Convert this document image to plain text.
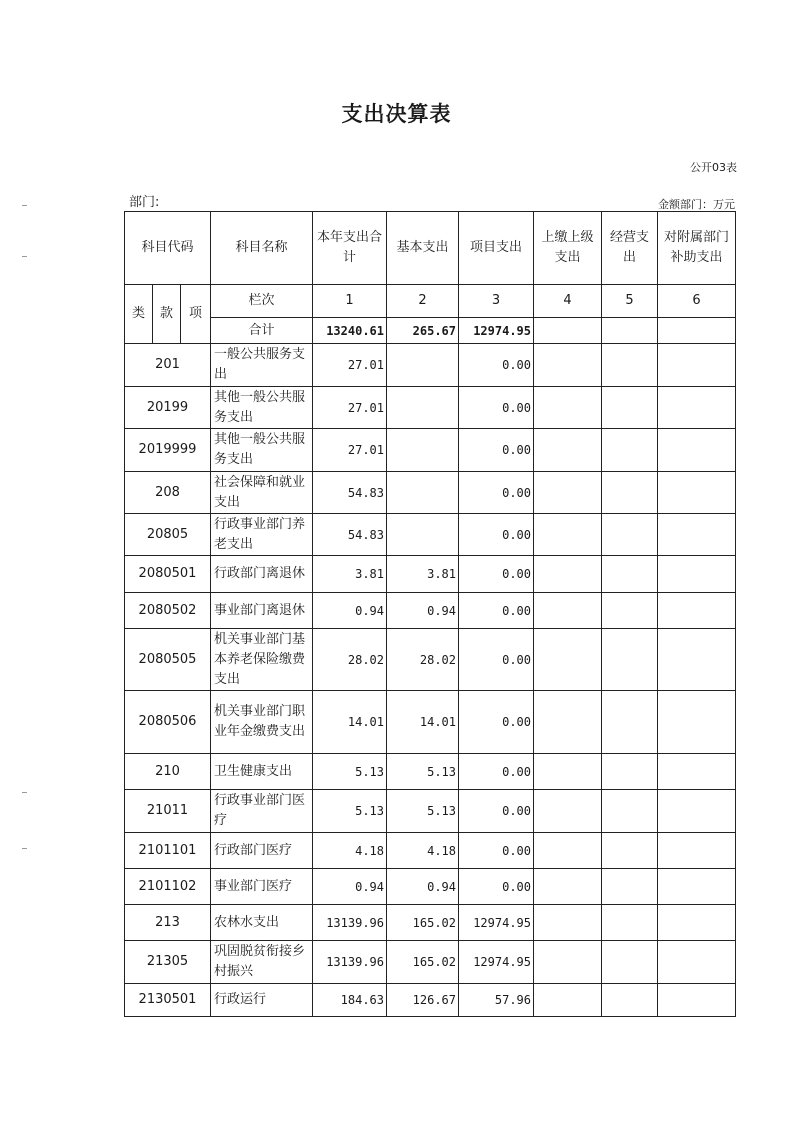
支出决算表
公开03表
部门:	金额部门：万元
科目代码			科目名称	本年支出合计	基本支出	项目支出	上缴上级支出	经营支出	对附属部门补助支出
类	款	项	栏次	1	2	3	4	5	6
			合计	13240.61	265.67	12974.95			
201			一般公共服务支出	27.01		0.00			
20199			其他一般公共服务支出	27.01		0.00			
2019999			其他一般公共服务支出	27.01		0.00			
208			社会保障和就业支出	54.83		0.00			
20805			行政事业部门养老支出	54.83		0.00			
2080501			行政部门离退休	3.81	3.81	0.00			
2080502			事业部门离退休	0.94	0.94	0.00			
2080505			机关事业部门基本养老保险缴费支出	28.02	28.02	0.00			
2080506			机关事业部门职业年金缴费支出	14.01	14.01	0.00			
210			卫生健康支出	5.13	5.13	0.00			
21011			行政事业部门医疗	5.13	5.13	0.00			
2101101			行政部门医疗	4.18	4.18	0.00			
2101102			事业部门医疗	0.94	0.94	0.00			
213			农林水支出	13139.96	165.02	12974.95			
21305			巩固脱贫衔接乡村振兴	13139.96	165.02	12974.95			
2130501			行政运行	184.63	126.67	57.96			
